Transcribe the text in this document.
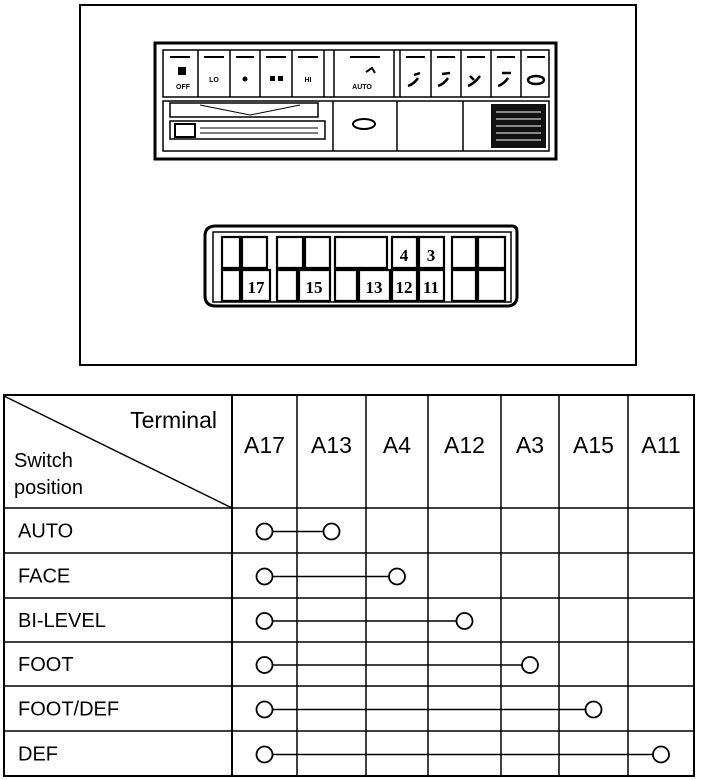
OFF
LO	HI
AUTO
4 3
17 15	13 12 11
Terminal
Switch
position
A17 A13 A4 A12 A3 A15 A11
AUTO
FACE
BI-LEVEL
FOOT
FOOT/DEF
DEF
